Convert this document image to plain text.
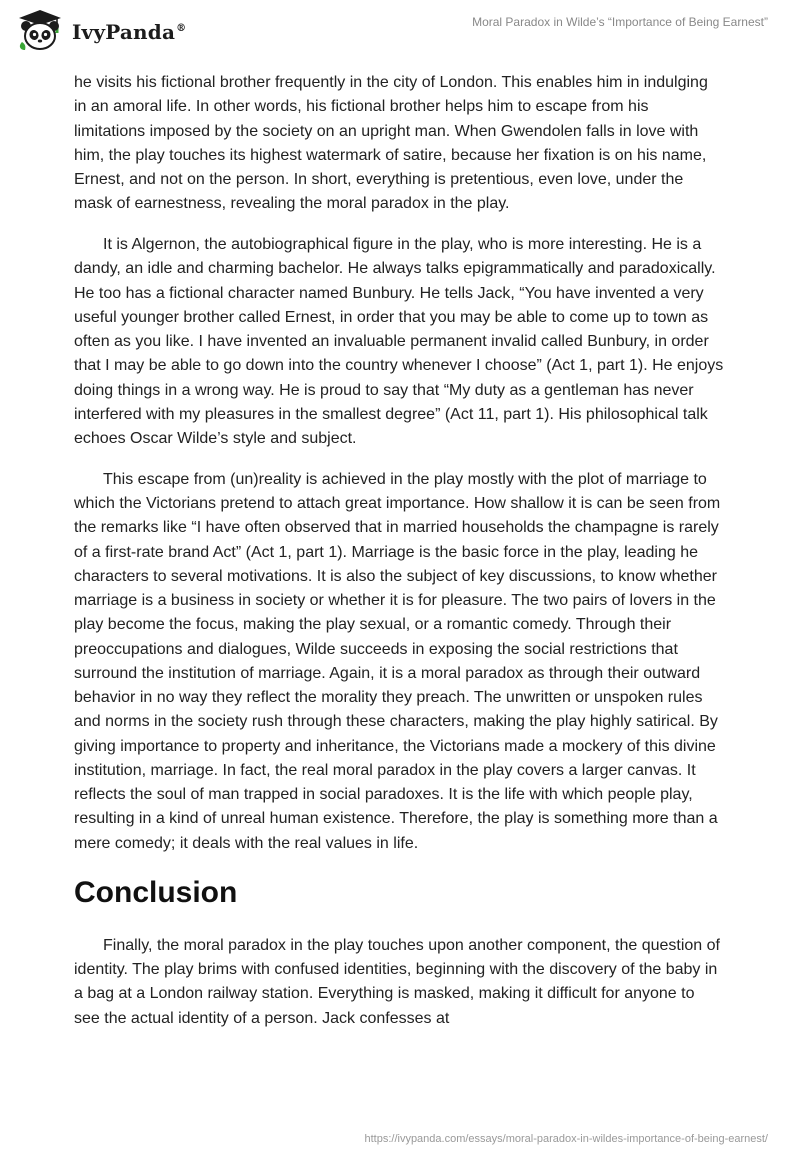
IvyPanda®	Moral Paradox in Wilde’s “Importance of Being Earnest”

he visits his fictional brother frequently in the city of London. This enables him in indulging in an amoral life. In other words, his fictional brother helps him to escape from his limitations imposed by the society on an upright man. When Gwendolen falls in love with him, the play touches its highest watermark of satire, because her fixation is on his name, Ernest, and not on the person. In short, everything is pretentious, even love, under the mask of earnestness, revealing the moral paradox in the play.

It is Algernon, the autobiographical figure in the play, who is more interesting. He is a dandy, an idle and charming bachelor. He always talks epigrammatically and paradoxically. He too has a fictional character named Bunbury. He tells Jack, “You have invented a very useful younger brother called Ernest, in order that you may be able to come up to town as often as you like. I have invented an invaluable permanent invalid called Bunbury, in order that I may be able to go down into the country whenever I choose” (Act 1, part 1). He enjoys doing things in a wrong way. He is proud to say that “My duty as a gentleman has never interfered with my pleasures in the smallest degree” (Act 11, part 1). His philosophical talk echoes Oscar Wilde’s style and subject.

This escape from (un)reality is achieved in the play mostly with the plot of marriage to which the Victorians pretend to attach great importance. How shallow it is can be seen from the remarks like “I have often observed that in married households the champagne is rarely of a first-rate brand Act” (Act 1, part 1). Marriage is the basic force in the play, leading he characters to several motivations. It is also the subject of key discussions, to know whether marriage is a business in society or whether it is for pleasure. The two pairs of lovers in the play become the focus, making the play sexual, or a romantic comedy. Through their preoccupations and dialogues, Wilde succeeds in exposing the social restrictions that surround the institution of marriage. Again, it is a moral paradox as through their outward behavior in no way they reflect the morality they preach. The unwritten or unspoken rules and norms in the society rush through these characters, making the play highly satirical. By giving importance to property and inheritance, the Victorians made a mockery of this divine institution, marriage. In fact, the real moral paradox in the play covers a larger canvas. It reflects the soul of man trapped in social paradoxes. It is the life with which people play, resulting in a kind of unreal human existence. Therefore, the play is something more than a mere comedy; it deals with the real values in life.

Conclusion

Finally, the moral paradox in the play touches upon another component, the question of identity. The play brims with confused identities, beginning with the discovery of the baby in a bag at a London railway station. Everything is masked, making it difficult for anyone to see the actual identity of a person. Jack confesses at

https://ivypanda.com/essays/moral-paradox-in-wildes-importance-of-being-earnest/
